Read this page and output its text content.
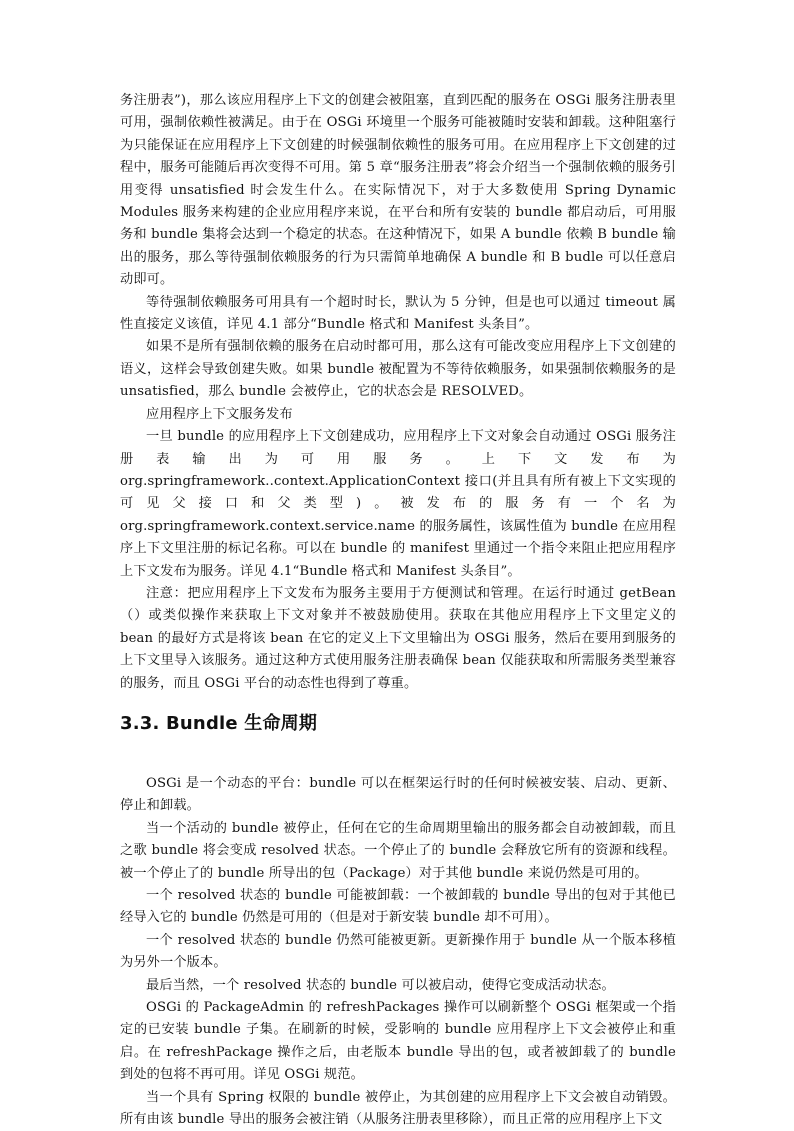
务注册表”)，那么该应用程序上下文的创建会被阻塞，直到匹配的服务在 OSGi 服务注册表里可用，强制依赖性被满足。由于在 OSGi 环境里一个服务可能被随时安装和卸载。这种阻塞行为只能保证在应用程序上下文创建的时候强制依赖性的服务可用。在应用程序上下文创建的过程中，服务可能随后再次变得不可用。第 5 章“服务注册表”将会介绍当一个强制依赖的服务引用变得 unsatisfied 时会发生什么。在实际情况下，对于大多数使用 Spring Dynamic Modules 服务来构建的企业应用程序来说，在平台和所有安装的 bundle 都启动后，可用服务和 bundle 集将会达到一个稳定的状态。在这种情况下，如果 A bundle 依赖 B bundle 输出的服务，那么等待强制依赖服务的行为只需简单地确保 A bundle 和 B budle 可以任意启动即可。

等待强制依赖服务可用具有一个超时时长，默认为 5 分钟，但是也可以通过 timeout 属性直接定义该值，详见 4.1 部分“Bundle 格式和 Manifest 头条目”。

如果不是所有强制依赖的服务在启动时都可用，那么这有可能改变应用程序上下文创建的语义，这样会导致创建失败。如果 bundle 被配置为不等待依赖服务，如果强制依赖服务的是 unsatisfied，那么 bundle 会被停止，它的状态会是 RESOLVED。

应用程序上下文服务发布

一旦 bundle 的应用程序上下文创建成功，应用程序上下文对象会自动通过 OSGi 服务注册表输出为可用服务。上下文发布为 org.springframework..context.ApplicationContext 接口(并且具有所有被上下文实现的可见父接口和父类型)。被发布的服务有一个名为 org.springframework.context.service.name 的服务属性，该属性值为 bundle 在应用程序上下文里注册的标记名称。可以在 bundle 的 manifest 里通过一个指令来阻止把应用程序上下文发布为服务。详见 4.1“Bundle 格式和 Manifest 头条目”。

注意：把应用程序上下文发布为服务主要用于方便测试和管理。在运行时通过 getBean（）或类似操作来获取上下文对象并不被鼓励使用。获取在其他应用程序上下文里定义的 bean 的最好方式是将该 bean 在它的定义上下文里输出为 OSGi 服务，然后在要用到服务的上下文里导入该服务。通过这种方式使用服务注册表确保 bean 仅能获取和所需服务类型兼容的服务，而且 OSGi 平台的动态性也得到了尊重。

3.3. Bundle 生命周期

OSGi 是一个动态的平台：bundle 可以在框架运行时的任何时候被安装、启动、更新、停止和卸载。

当一个活动的 bundle 被停止，任何在它的生命周期里输出的服务都会自动被卸载，而且之歌 bundle 将会变成 resolved 状态。一个停止了的 bundle 会释放它所有的资源和线程。被一个停止了的 bundle 所导出的包（Package）对于其他 bundle 来说仍然是可用的。

一个 resolved 状态的 bundle 可能被卸载：一个被卸载的 bundle 导出的包对于其他已经导入它的 bundle 仍然是可用的（但是对于新安装 bundle 却不可用）。

一个 resolved 状态的 bundle 仍然可能被更新。更新操作用于 bundle 从一个版本移植为另外一个版本。

最后当然，一个 resolved 状态的 bundle 可以被启动，使得它变成活动状态。

OSGi 的 PackageAdmin 的 refreshPackages 操作可以刷新整个 OSGi 框架或一个指定的已安装 bundle 子集。在刷新的时候，受影响的 bundle 应用程序上下文会被停止和重启。在 refreshPackage 操作之后，由老版本 bundle 导出的包，或者被卸载了的 bundle 到处的包将不再可用。详见 OSGi 规范。

当一个具有 Spring 权限的 bundle 被停止，为其创建的应用程序上下文会被自动销毁。所有由该 bundle 导出的服务会被注销（从服务注册表里移除），而且正常的应用程序上下文
